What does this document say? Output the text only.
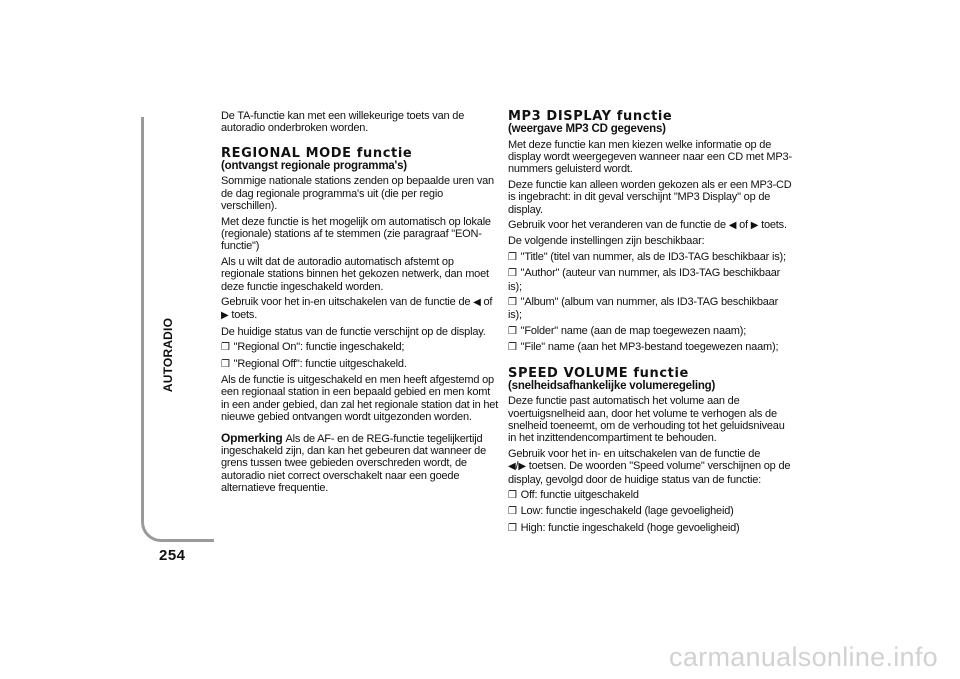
AUTORADIO
254

De TA-functie kan met een willekeurige toets van de autoradio onderbroken worden.

REGIONAL MODE functie
(ontvangst regionale programma's)

Sommige nationale stations zenden op bepaalde uren van de dag regionale programma's uit (die per regio verschillen).

Met deze functie is het mogelijk om automatisch op lokale (regionale) stations af te stemmen (zie paragraaf "EON-functie")

Als u wilt dat de autoradio automatisch afstemt op regionale stations binnen het gekozen netwerk, dan moet deze functie ingeschakeld worden.

Gebruik voor het in-en uitschakelen van de functie de ◀ of
▶ toets.

De huidige status van de functie verschijnt op de display.

❒ "Regional On": functie ingeschakeld;
❒ "Regional Off": functie uitgeschakeld.

Als de functie is uitgeschakeld en men heeft afgestemd op een regionaal station in een bepaald gebied en men komt in een ander gebied, dan zal het regionale station dat in het nieuwe gebied ontvangen wordt uitgezonden worden.

Opmerking Als de AF- en de REG-functie tegelijkertijd ingeschakeld zijn, dan kan het gebeuren dat wanneer de grens tussen twee gebieden overschreden wordt, de autoradio niet correct overschakelt naar een goede alternatieve frequentie.

MP3 DISPLAY functie
(weergave MP3 CD gegevens)

Met deze functie kan men kiezen welke informatie op de display wordt weergegeven wanneer naar een CD met MP3-nummers geluisterd wordt.

Deze functie kan alleen worden gekozen als er een MP3-CD is ingebracht: in dit geval verschijnt "MP3 Display" op de display.

Gebruik voor het veranderen van de functie de ◀ of ▶ toets.

De volgende instellingen zijn beschikbaar:

❒ "Title" (titel van nummer, als de ID3-TAG beschikbaar is);
❒ "Author" (auteur van nummer, als ID3-TAG beschikbaar is);
❒ "Album" (album van nummer, als ID3-TAG beschikbaar is);
❒ "Folder" name (aan de map toegewezen naam);
❒ "File" name (aan het MP3-bestand toegewezen naam);
SPEED VOLUME functie
(snelheidsafhankelijke volumeregeling)

Deze functie past automatisch het volume aan de voertuigsnelheid aan, door het volume te verhogen als de snelheid toeneemt, om de verhouding tot het geluidsniveau in het inzittendencompartiment te behouden.

Gebruik voor het in- en uitschakelen van de functie de
◀/▶ toetsen. De woorden "Speed volume" verschijnen op de display, gevolgd door de huidige status van de functie:

❒ Off: functie uitgeschakeld
❒ Low: functie ingeschakeld (lage gevoeligheid)
❒ High: functie ingeschakeld (hoge gevoeligheid)
carmanualsonline.info
